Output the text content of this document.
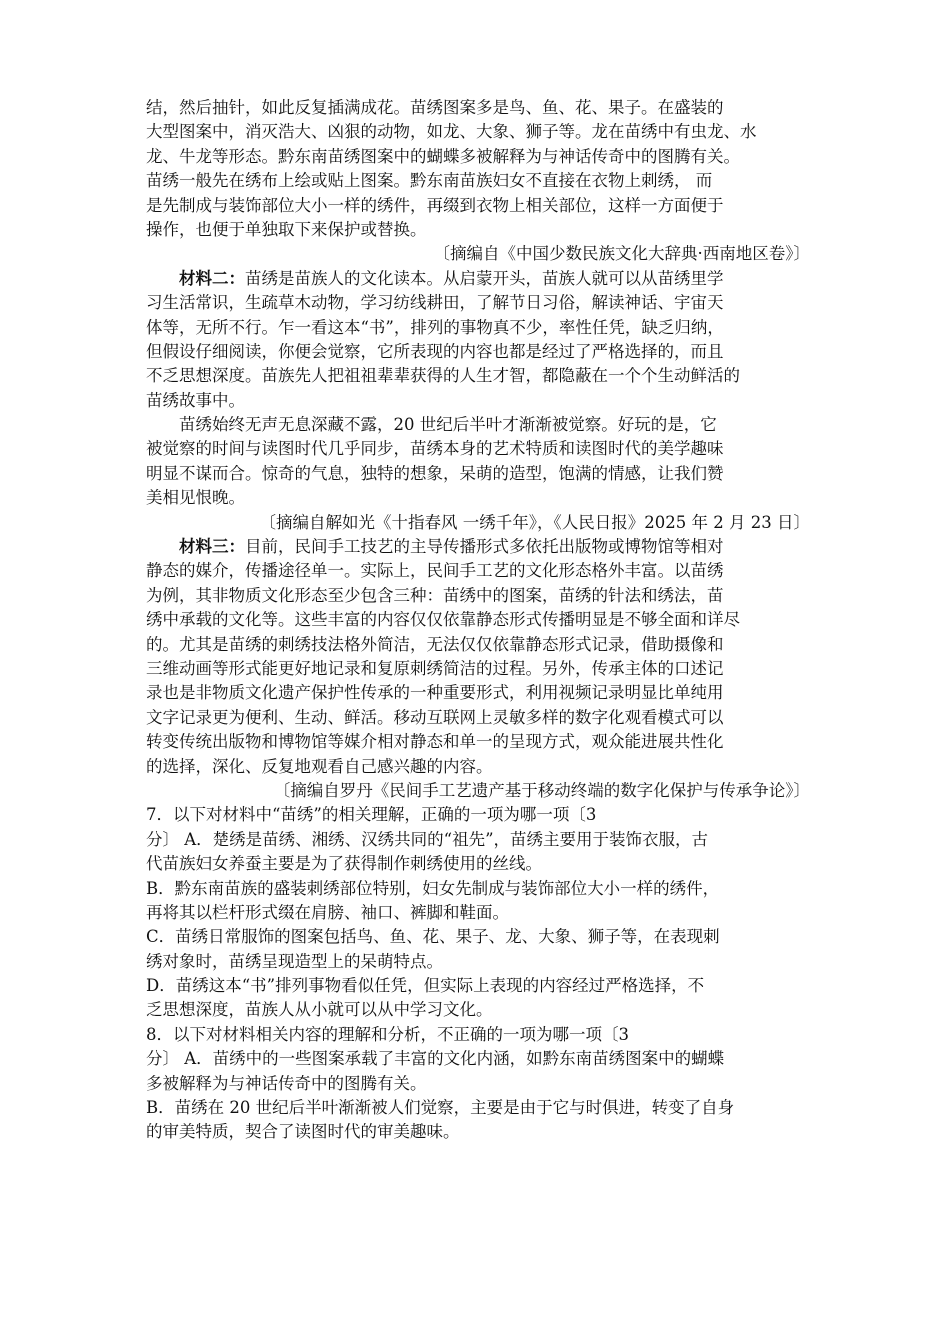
结，然后抽针，如此反复插满成花。苗绣图案多是鸟、鱼、花、果子。在盛装的
大型图案中，消灭浩大、凶狠的动物，如龙、大象、狮子等。龙在苗绣中有虫龙、水
龙、牛龙等形态。黔东南苗绣图案中的蝴蝶多被解释为与神话传奇中的图腾有关。
苗绣一般先在绣布上绘或贴上图案。黔东南苗族妇女不直接在衣物上刺绣， 而
是先制成与装饰部位大小一样的绣件，再缀到衣物上相关部位，这样一方面便于
操作，也便于单独取下来保护或替换。
〔摘编自《中国少数民族文化大辞典·西南地区卷》〕
材料二：苗绣是苗族人的文化读本。从启蒙开头，苗族人就可以从苗绣里学
习生活常识，生疏草木动物，学习纺线耕田，了解节日习俗，解读神话、宇宙天
体等，无所不行。乍一看这本“书”，排列的事物真不少，率性任凭，缺乏归纳，
但假设仔细阅读，你便会觉察，它所表现的内容也都是经过了严格选择的，而且
不乏思想深度。苗族先人把祖祖辈辈获得的人生才智，都隐蔽在一个个生动鲜活的
苗绣故事中。
苗绣始终无声无息深藏不露，20 世纪后半叶才渐渐被觉察。好玩的是，它
被觉察的时间与读图时代几乎同步，苗绣本身的艺术特质和读图时代的美学趣味
明显不谋而合。惊奇的气息，独特的想象，呆萌的造型，饱满的情感，让我们赞
美相见恨晚。
〔摘编自解如光《十指春风 一绣千年》，《人民日报》2025 年 2 月 23 日〕
材料三：目前，民间手工技艺的主导传播形式多依托出版物或博物馆等相对
静态的媒介，传播途径单一。实际上，民间手工艺的文化形态格外丰富。以苗绣
为例，其非物质文化形态至少包含三种：苗绣中的图案，苗绣的针法和绣法，苗
绣中承载的文化等。这些丰富的内容仅仅依靠静态形式传播明显是不够全面和详尽
的。尤其是苗绣的刺绣技法格外简洁，无法仅仅依靠静态形式记录，借助摄像和
三维动画等形式能更好地记录和复原刺绣简洁的过程。另外，传承主体的口述记
录也是非物质文化遗产保护性传承的一种重要形式，利用视频记录明显比单纯用
文字记录更为便利、生动、鲜活。移动互联网上灵敏多样的数字化观看模式可以
转变传统出版物和博物馆等媒介相对静态和单一的呈现方式，观众能进展共性化
的选择，深化、反复地观看自己感兴趣的内容。
〔摘编自罗丹《民间手工艺遗产基于移动终端的数字化保护与传承争论》〕
7．以下对材料中“苗绣”的相关理解，正确的一项为哪一项〔3
分〕 A．楚绣是苗绣、湘绣、汉绣共同的“祖先”，苗绣主要用于装饰衣服，古
代苗族妇女养蚕主要是为了获得制作刺绣使用的丝线。
B．黔东南苗族的盛装刺绣部位特别，妇女先制成与装饰部位大小一样的绣件，
再将其以栏杆形式缀在肩膀、袖口、裤脚和鞋面。
C．苗绣日常服饰的图案包括鸟、鱼、花、果子、龙、大象、狮子等，在表现刺
绣对象时，苗绣呈现造型上的呆萌特点。
D．苗绣这本“书”排列事物看似任凭，但实际上表现的内容经过严格选择，不
乏思想深度，苗族人从小就可以从中学习文化。
8．以下对材料相关内容的理解和分析，不正确的一项为哪一项〔3
分〕 A．苗绣中的一些图案承载了丰富的文化内涵，如黔东南苗绣图案中的蝴蝶
多被解释为与神话传奇中的图腾有关。
B．苗绣在 20 世纪后半叶渐渐被人们觉察，主要是由于它与时俱进，转变了自身
的审美特质，契合了读图时代的审美趣味。
